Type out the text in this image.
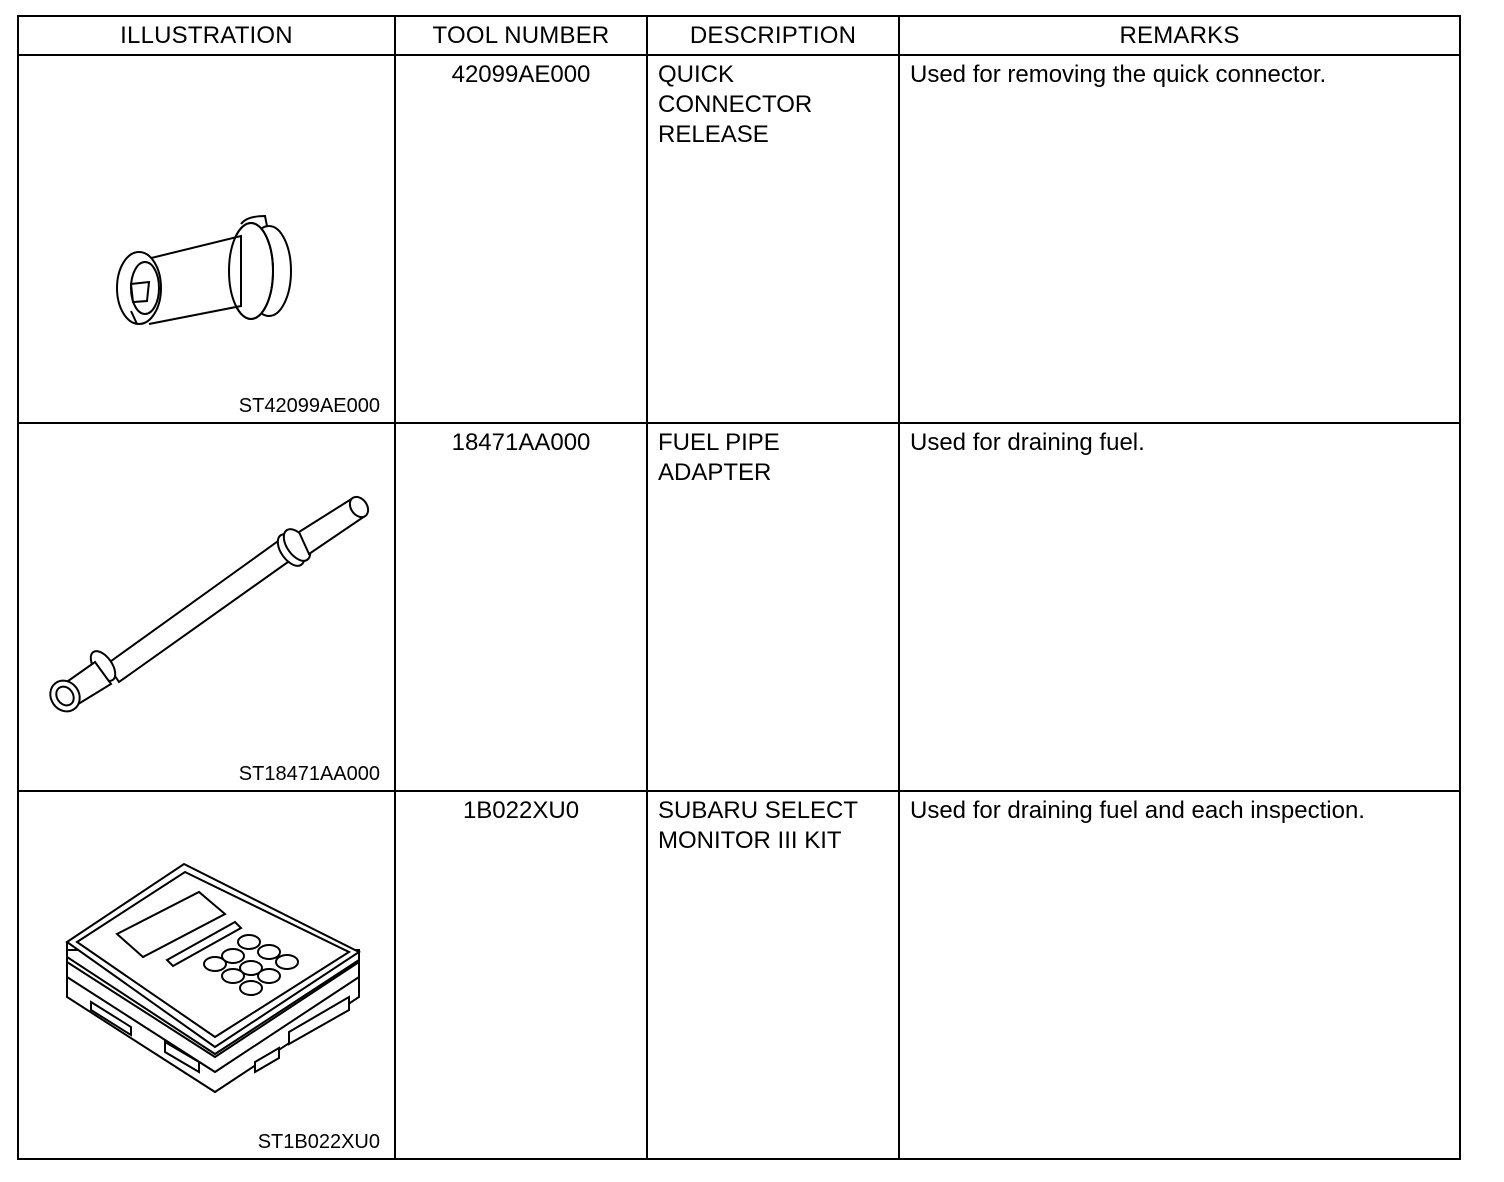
ILLUSTRATION	TOOL NUMBER	DESCRIPTION	REMARKS

ST42099AE000	42099AE000	QUICK
CONNECTOR
RELEASE	Used for removing the quick connector.

ST18471AA000	18471AA000	FUEL PIPE
ADAPTER	Used for draining fuel.

ST1B022XU0	1B022XU0	SUBARU SELECT
MONITOR III KIT	Used for draining fuel and each inspection.
